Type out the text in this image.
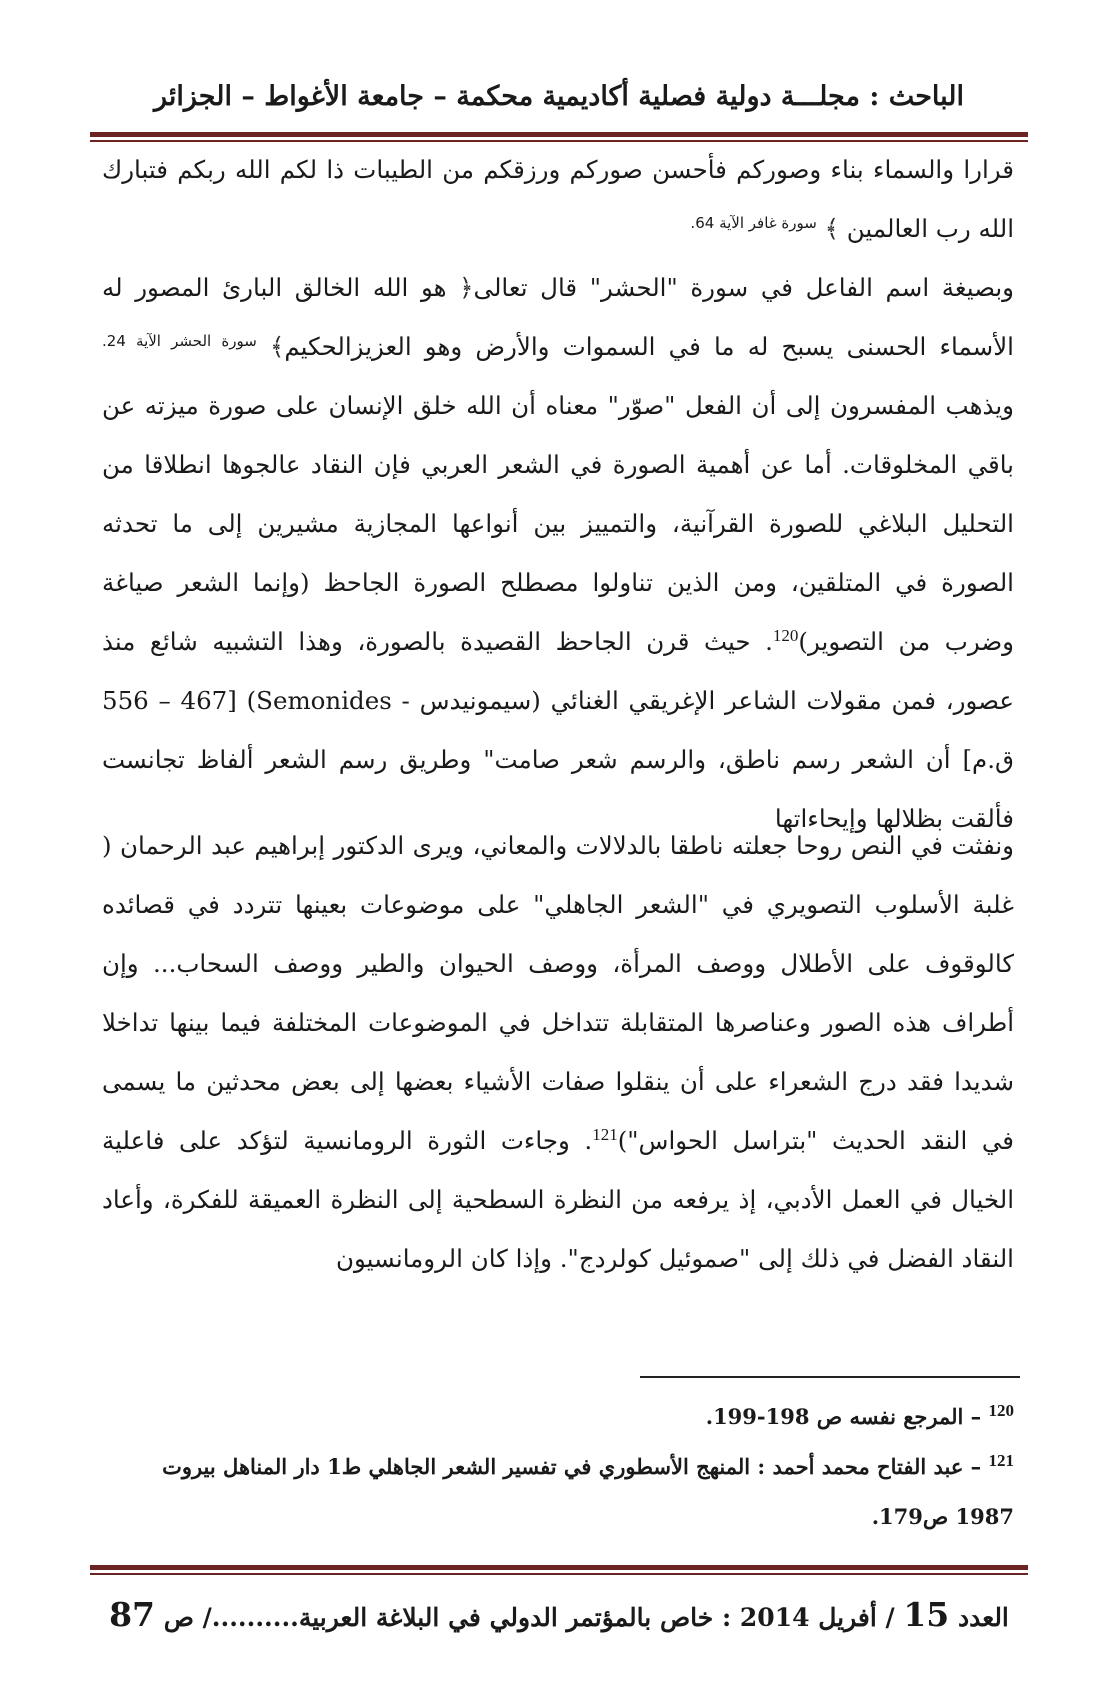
الباحث : مجلـــة دولية فصلية أكاديمية محكمة – جامعة الأغواط – الجزائر

قرارا والسماء بناء وصوركم فأحسن صوركم ورزقكم من الطيبات ذا لكم الله ربكم فتبارك الله رب العالمين ﴾ $^{سورة غافر الآية 64.}$

وبصيغة اسم الفاعل في سورة "الحشر" قال تعالى﴿ هو الله الخالق البارئ المصور له الأسماء الحسنى يسبح له ما في السموات والأرض وهو العزيزالحكيم﴾ $^{سورة الحشر الآية 24.}$ ويذهب المفسرون إلى أن الفعل "صوّر" معناه أن الله خلق الإنسان على صورة ميزته عن باقي المخلوقات. أما عن أهمية الصورة في الشعر العربي فإن النقاد عالجوها انطلاقا من التحليل البلاغي للصورة القرآنية، والتمييز بين أنواعها المجازية مشيرين إلى ما تحدثه الصورة في المتلقين، ومن الذين تناولوا مصطلح الصورة الجاحظ (وإنما الشعر صياغة وضرب من التصوير)$^{120}$. حيث قرن الجاحظ القصيدة بالصورة، وهذا التشبيه شائع منذ عصور، فمن مقولات الشاعر الإغريقي الغنائي (سيمونيدس - Semonides) [556 – 467 ق.م] أن الشعر رسم ناطق، والرسم شعر صامت" وطريق رسم الشعر ألفاظ تجانست فألقت بظلالها وإيحاءاتها

ونفثت في النص روحا جعلته ناطقا بالدلالات والمعاني، ويرى الدكتور إبراهيم عبد الرحمان ( غلبة الأسلوب التصويري في "الشعر الجاهلي" على موضوعات بعينها تتردد في قصائده كالوقوف على الأطلال ووصف المرأة، ووصف الحيوان والطير ووصف السحاب... وإن أطراف هذه الصور وعناصرها المتقابلة تتداخل في الموضوعات المختلفة فيما بينها تداخلا شديدا فقد درج الشعراء على أن ينقلوا صفات الأشياء بعضها إلى بعض محدثين ما يسمى في النقد الحديث "بتراسل الحواس")$^{121}$. وجاءت الثورة الرومانسية لتؤكد على فاعلية الخيال في العمل الأدبي، إذ يرفعه من النظرة السطحية إلى النظرة العميقة للفكرة، وأعاد النقاد الفضل في ذلك إلى "صموئيل كولردج". وإذا كان الرومانسيون

$^{120}$ – المرجع نفسه ص 198-199.

$^{121}$ – عبد الفتاح محمد أحمد : المنهج الأسطوري في تفسير الشعر الجاهلي ط1 دار المناهل بيروت 1987 ص179.

العدد 15 / أفريل 2014 : خاص بالمؤتمر الدولي في البلاغة العربية........../ ص 87
